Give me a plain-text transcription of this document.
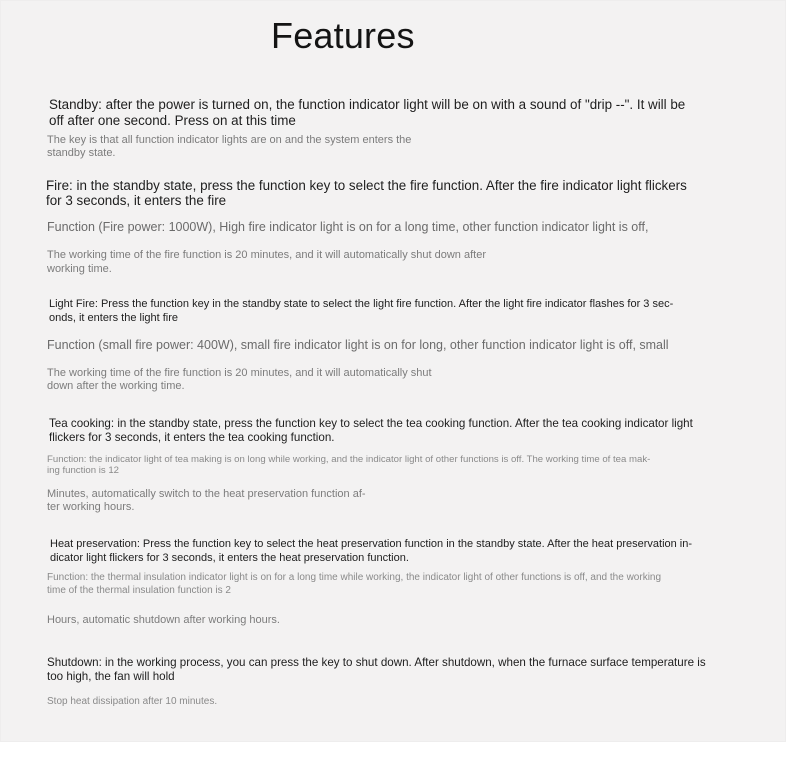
Features

Standby: after the power is turned on, the function indicator light will be on with a sound of "drip --". It will be

off after one second. Press on at this time

The key is that all function indicator lights are on and the system enters the

standby state.

Fire: in the standby state, press the function key to select the fire function. After the fire indicator light flickers

for 3 seconds, it enters the fire

Function (Fire power: 1000W), High fire indicator light is on for a long time, other function indicator light is off,

The working time of the fire function is 20 minutes, and it will automatically shut down after

working time.

Light Fire: Press the function key in the standby state to select the light fire function. After the light fire indicator flashes for 3 sec-

onds, it enters the light fire

Function (small fire power: 400W), small fire indicator light is on for long, other function indicator light is off, small

The working time of the fire function is 20 minutes, and it will automatically shut

down after the working time.

Tea cooking: in the standby state, press the function key to select the tea cooking function. After the tea cooking indicator light

flickers for 3 seconds, it enters the tea cooking function.

Function: the indicator light of tea making is on long while working, and the indicator light of other functions is off. The working time of tea mak-

ing function is 12

Minutes, automatically switch to the heat preservation function af-

ter working hours.

Heat preservation: Press the function key to select the heat preservation function in the standby state. After the heat preservation in-

dicator light flickers for 3 seconds, it enters the heat preservation function.

Function: the thermal insulation indicator light is on for a long time while working, the indicator light of other functions is off, and the working

time of the thermal insulation function is 2

Hours, automatic shutdown after working hours.

Shutdown: in the working process, you can press the key to shut down. After shutdown, when the furnace surface temperature is

too high, the fan will hold

Stop heat dissipation after 10 minutes.
